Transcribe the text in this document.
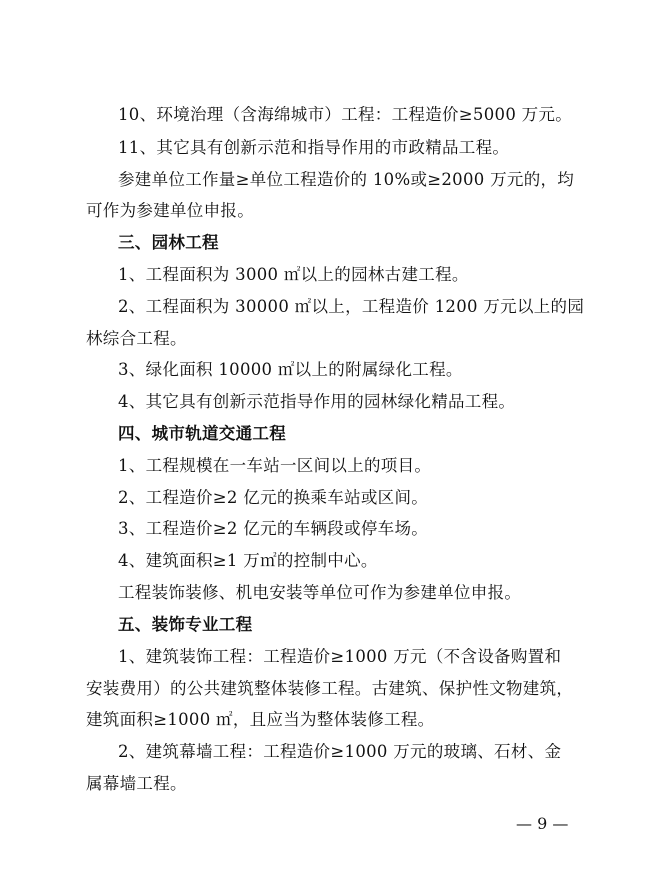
10、环境治理（含海绵城市）工程：工程造价≥5000 万元。
11、其它具有创新示范和指导作用的市政精品工程。
参建单位工作量≥单位工程造价的 10%或≥2000 万元的，均
可作为参建单位申报。
三、园林工程
1、工程面积为 3000 ㎡以上的园林古建工程。
2、工程面积为 30000 ㎡以上，工程造价 1200 万元以上的园
林综合工程。
3、绿化面积 10000 ㎡以上的附属绿化工程。
4、其它具有创新示范指导作用的园林绿化精品工程。
四、城市轨道交通工程
1、工程规模在一车站一区间以上的项目。
2、工程造价≥2 亿元的换乘车站或区间。
3、工程造价≥2 亿元的车辆段或停车场。
4、建筑面积≥1 万㎡的控制中心。
工程装饰装修、机电安装等单位可作为参建单位申报。
五、装饰专业工程
1、建筑装饰工程：工程造价≥1000 万元（不含设备购置和
安装费用）的公共建筑整体装修工程。古建筑、保护性文物建筑，
建筑面积≥1000 ㎡，且应当为整体装修工程。
2、建筑幕墙工程：工程造价≥1000 万元的玻璃、石材、金
属幕墙工程。
— 9 —
